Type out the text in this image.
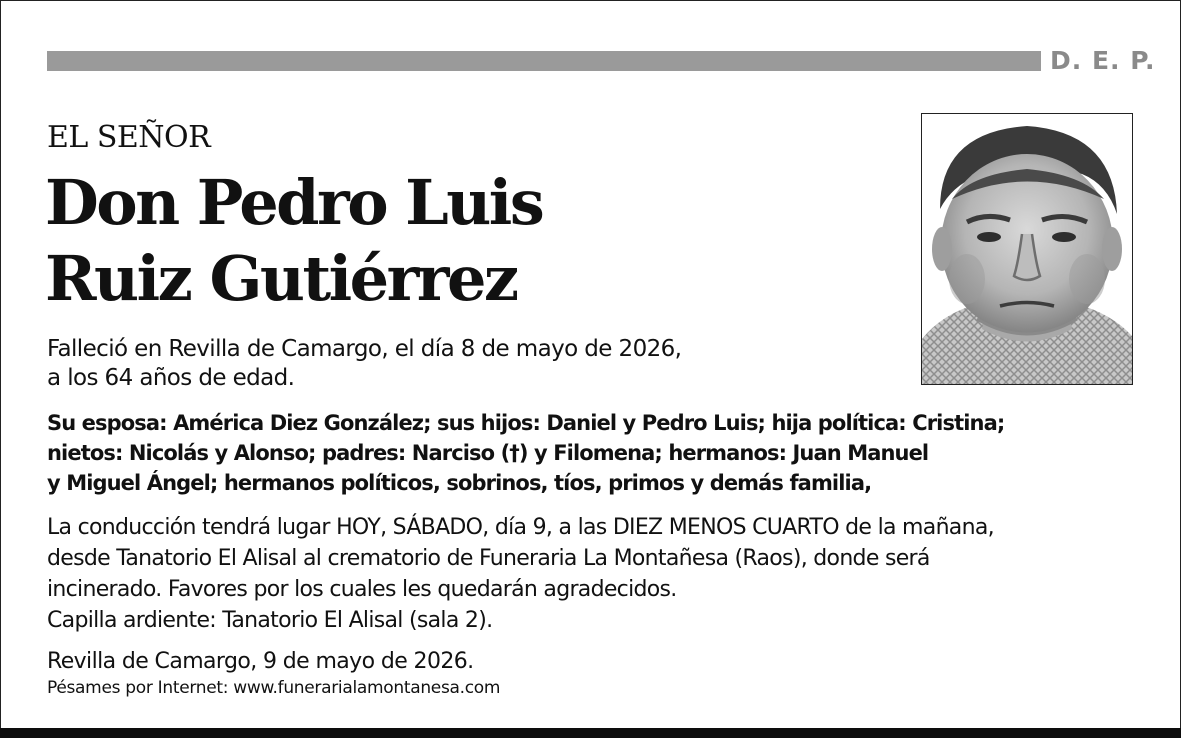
D. E. P.
EL SEÑOR
Don Pedro Luis
Ruiz Gutiérrez
Falleció en Revilla de Camargo, el día 8 de mayo de 2026,
a los 64 años de edad.
Su esposa: América Diez González; sus hijos: Daniel y Pedro Luis; hija política: Cristina;
nietos: Nicolás y Alonso; padres: Narciso (†) y Filomena; hermanos: Juan Manuel
y Miguel Ángel; hermanos políticos, sobrinos, tíos, primos y demás familia,
La conducción tendrá lugar HOY, SÁBADO, día 9, a las DIEZ MENOS CUARTO de la mañana,
desde Tanatorio El Alisal al crematorio de Funeraria La Montañesa (Raos), donde será
incinerado. Favores por los cuales les quedarán agradecidos.
Capilla ardiente: Tanatorio El Alisal (sala 2).
Revilla de Camargo, 9 de mayo de 2026.
Pésames por Internet: www.funerarialamontanesa.com
